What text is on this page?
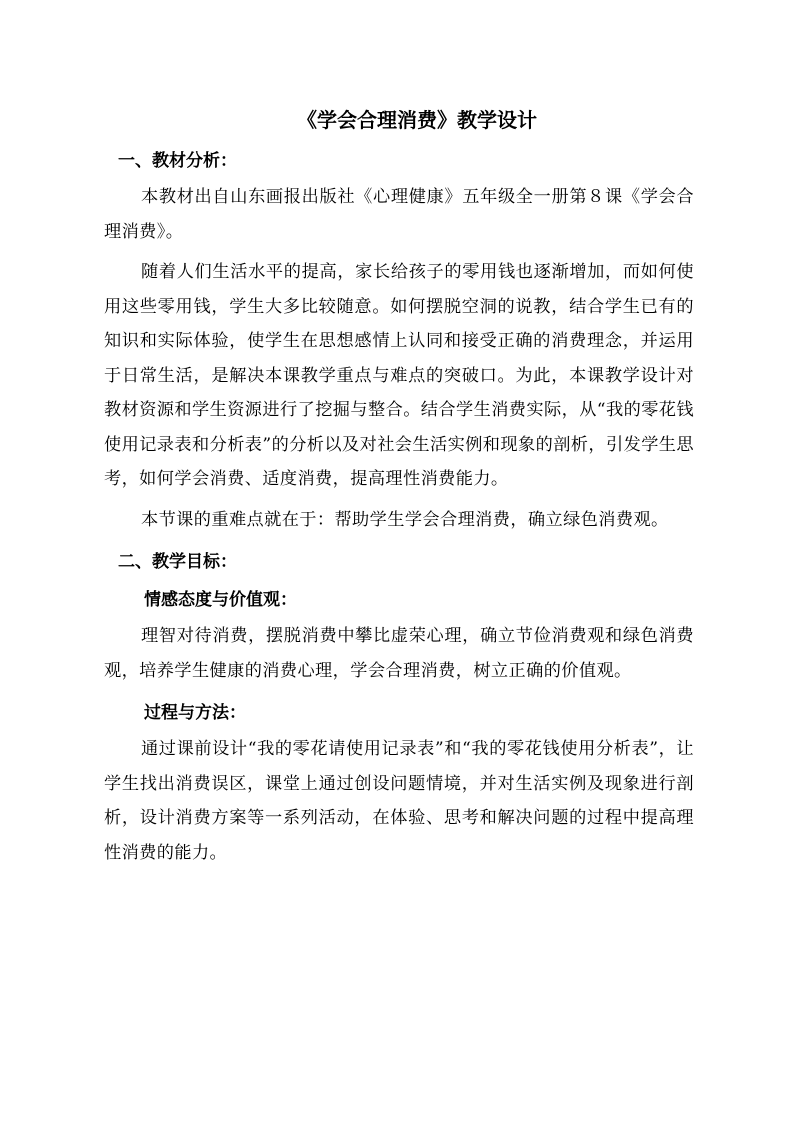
《学会合理消费》教学设计
一、教材分析：

本教材出自山东画报出版社《心理健康》五年级全一册第８课《学会合理消费》。

随着人们生活水平的提高，家长给孩子的零用钱也逐渐增加，而如何使用这些零用钱，学生大多比较随意。如何摆脱空洞的说教，结合学生已有的知识和实际体验，使学生在思想感情上认同和接受正确的消费理念，并运用于日常生活，是解决本课教学重点与难点的突破口。为此，本课教学设计对教材资源和学生资源进行了挖掘与整合。结合学生消费实际，从“我的零花钱使用记录表和分析表”的分析以及对社会生活实例和现象的剖析，引发学生思考，如何学会消费、适度消费，提高理性消费能力。

本节课的重难点就在于：帮助学生学会合理消费，确立绿色消费观。

二、教学目标：
情感态度与价值观：

理智对待消费，摆脱消费中攀比虚荣心理，确立节俭消费观和绿色消费观，培养学生健康的消费心理，学会合理消费，树立正确的价值观。

过程与方法：

通过课前设计“我的零花请使用记录表”和“我的零花钱使用分析表”，让学生找出消费误区，课堂上通过创设问题情境，并对生活实例及现象进行剖析，设计消费方案等一系列活动，在体验、思考和解决问题的过程中提高理性消费的能力。
